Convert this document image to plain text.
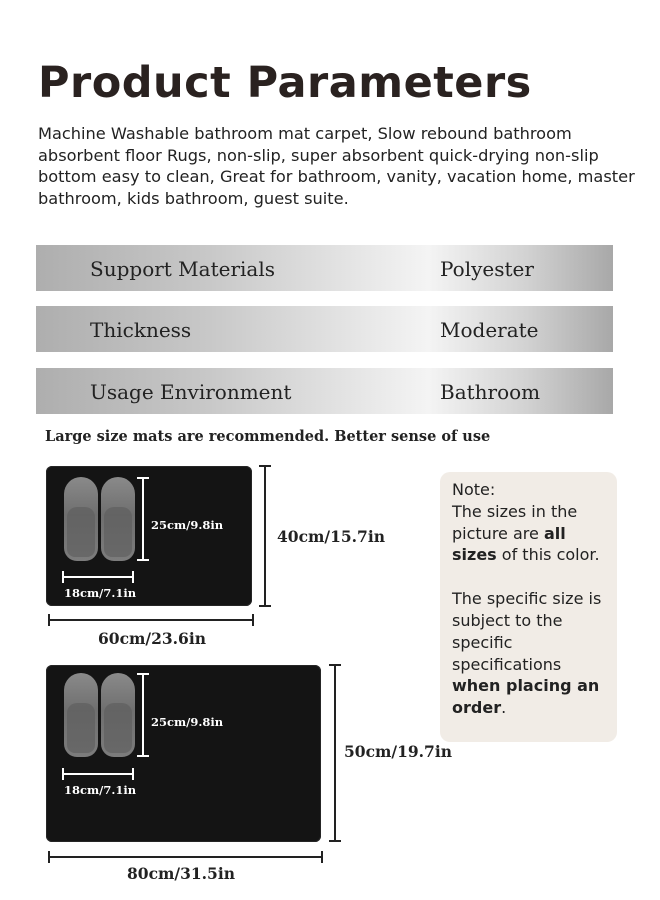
Product Parameters
Machine Washable bathroom mat carpet, Slow rebound bathroom absorbent floor Rugs, non-slip, super absorbent quick-drying non-slip bottom easy to clean, Great for bathroom, vanity, vacation home, master bathroom, kids bathroom, guest suite.
Support Materials	Polyester
Thickness	Moderate
Usage Environment	Bathroom
Large size mats are recommended. Better sense of use
25cm/9.8in
18cm/7.1in
40cm/15.7in
60cm/23.6in
25cm/9.8in
18cm/7.1in
50cm/19.7in
80cm/31.5in

Note:

The sizes in the picture are all sizes of this color.

The specific size is subject to the specific specifications when placing an order.
